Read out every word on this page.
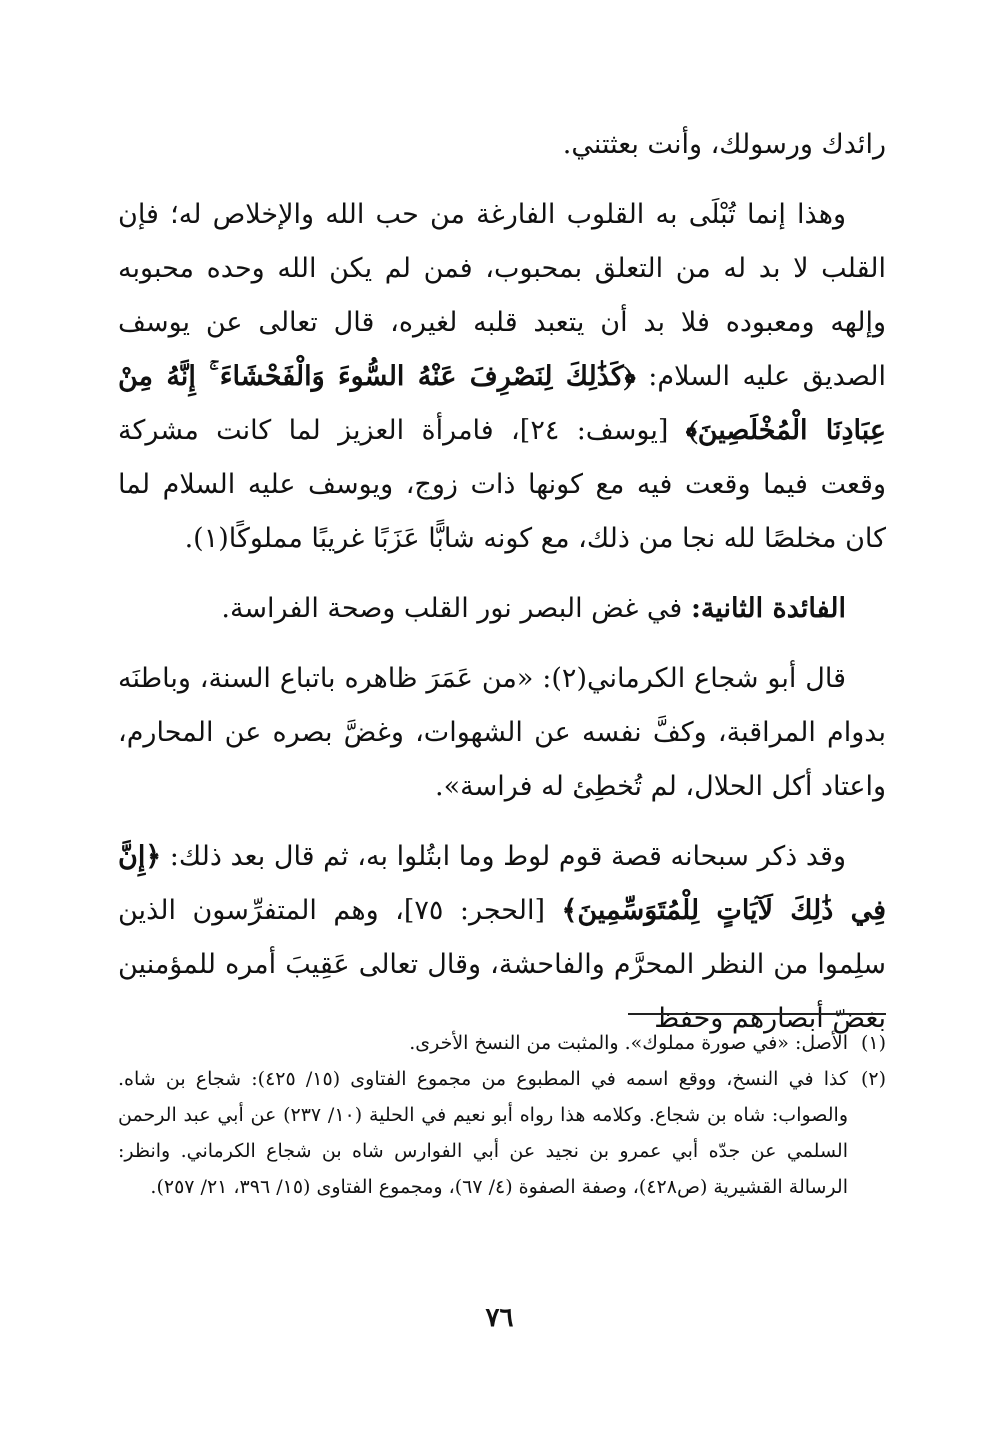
رائدك ورسولك، وأنت بعثتني.

وهذا إنما تُبْلَى به القلوب الفارغة من حب الله والإخلاص له؛ فإن القلب لا بد له من التعلق بمحبوب، فمن لم يكن الله وحده محبوبه وإلهه ومعبوده فلا بد أن يتعبد قلبه لغيره، قال تعالى عن يوسف الصديق عليه السلام: ﴿كَذَٰلِكَ لِنَصْرِفَ عَنْهُ السُّوءَ وَالْفَحْشَاءَ ۚ إِنَّهُ مِنْ عِبَادِنَا الْمُخْلَصِينَ﴾ [يوسف: ٢٤]، فامرأة العزيز لما كانت مشركة وقعت فيما وقعت فيه مع كونها ذات زوج، ويوسف عليه السلام لما كان مخلصًا لله نجا من ذلك، مع كونه شابًّا عَزَبًا غريبًا مملوكًا(١).

الفائدة الثانية: في غض البصر نور القلب وصحة الفراسة.

قال أبو شجاع الكرماني(٢): «من عَمَرَ ظاهره باتباع السنة، وباطنَه بدوام المراقبة، وكفَّ نفسه عن الشهوات، وغضَّ بصره عن المحارم، واعتاد أكل الحلال، لم تُخطِئ له فراسة».

وقد ذكر سبحانه قصة قوم لوط وما ابتُلوا به، ثم قال بعد ذلك: ﴿إِنَّ فِي ذَٰلِكَ لَآيَاتٍ لِلْمُتَوَسِّمِينَ﴾ [الحجر: ٧٥]، وهم المتفرِّسون الذين سلِموا من النظر المحرَّم والفاحشة، وقال تعالى عَقِيبَ أمره للمؤمنين بغضّ أبصارهم وحفظ

(١)
الأصل: «في صورة مملوك». والمثبت من النسخ الأخرى.
(٢)
كذا في النسخ، ووقع اسمه في المطبوع من مجموع الفتاوى (١٥/ ٤٢٥): شجاع بن شاه. والصواب: شاه بن شجاع. وكلامه هذا رواه أبو نعيم في الحلية (١٠/ ٢٣٧) عن أبي عبد الرحمن السلمي عن جدّه أبي عمرو بن نجيد عن أبي الفوارس شاه بن شجاع الكرماني. وانظر: الرسالة القشيرية (ص٤٢٨)، وصفة الصفوة (٤/ ٦٧)، ومجموع الفتاوى (١٥/ ٣٩٦، ٢١/ ٢٥٧).
٧٦
